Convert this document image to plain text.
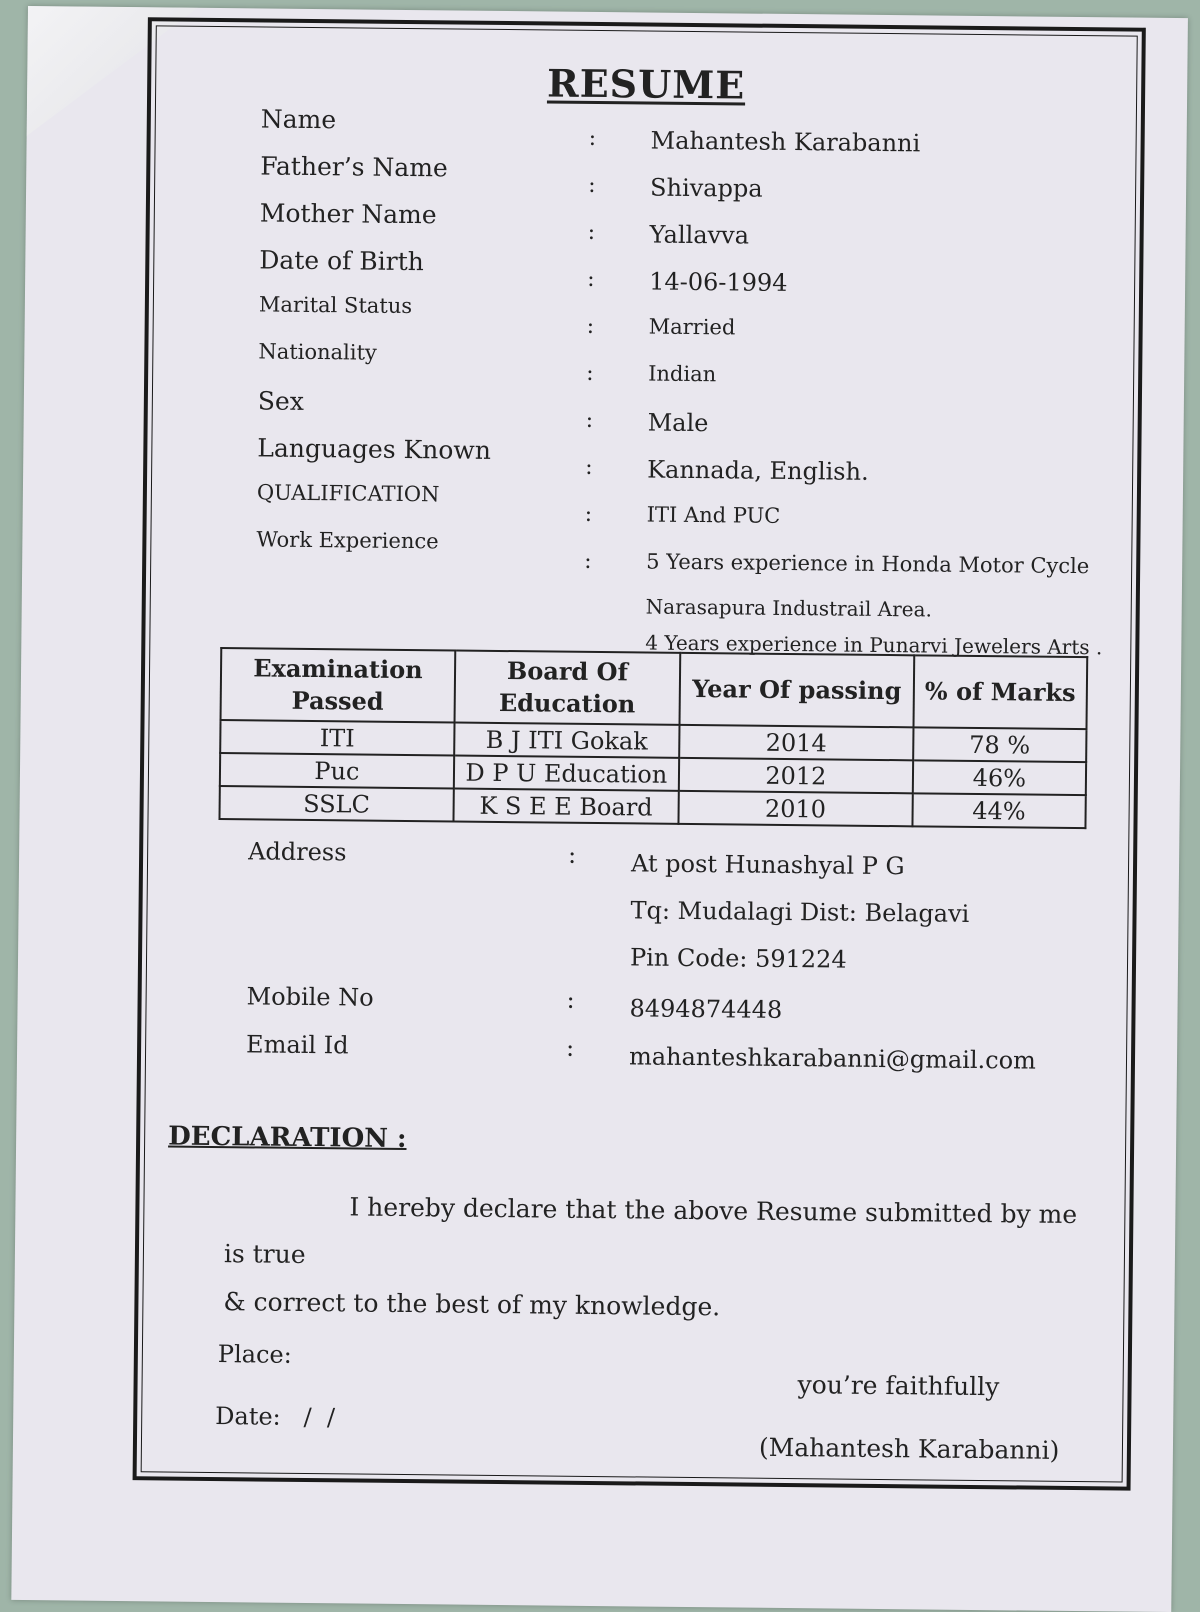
RESUME
Name
: Mahantesh Karabanni
Father’s Name
: Shivappa
Mother Name
: Yallavva
Date of Birth
: 14-06-1994
Marital Status
:	Married
Nationality
:	Indian
Sex
: Male
Languages Known
: Kannada, English.
QUALIFICATION
:	ITI And PUC
Work Experience
:	5 Years experience in Honda Motor Cycle
Narasapura Industrail Area.
4 Years experience in Punarvi Jewelers Arts .
Examination Passed	Board Of Education	Year Of passing	% of Marks
ITI	B J ITI Gokak	2014	78 %
Puc	D P U Education	2012	46%
SSLC	K S E E Board	2010	44%
Address	: At post Hunashyal P G
Tq: Mudalagi Dist: Belagavi
Pin Code: 591224
Mobile No	: 8494874448
Email Id	: mahanteshkarabanni@gmail.com
DECLARATION :
I hereby declare that the above Resume submitted by me is true
& correct to the best of my knowledge.
Place:
Date:   /  /
you’re faithfully
(Mahantesh Karabanni)
